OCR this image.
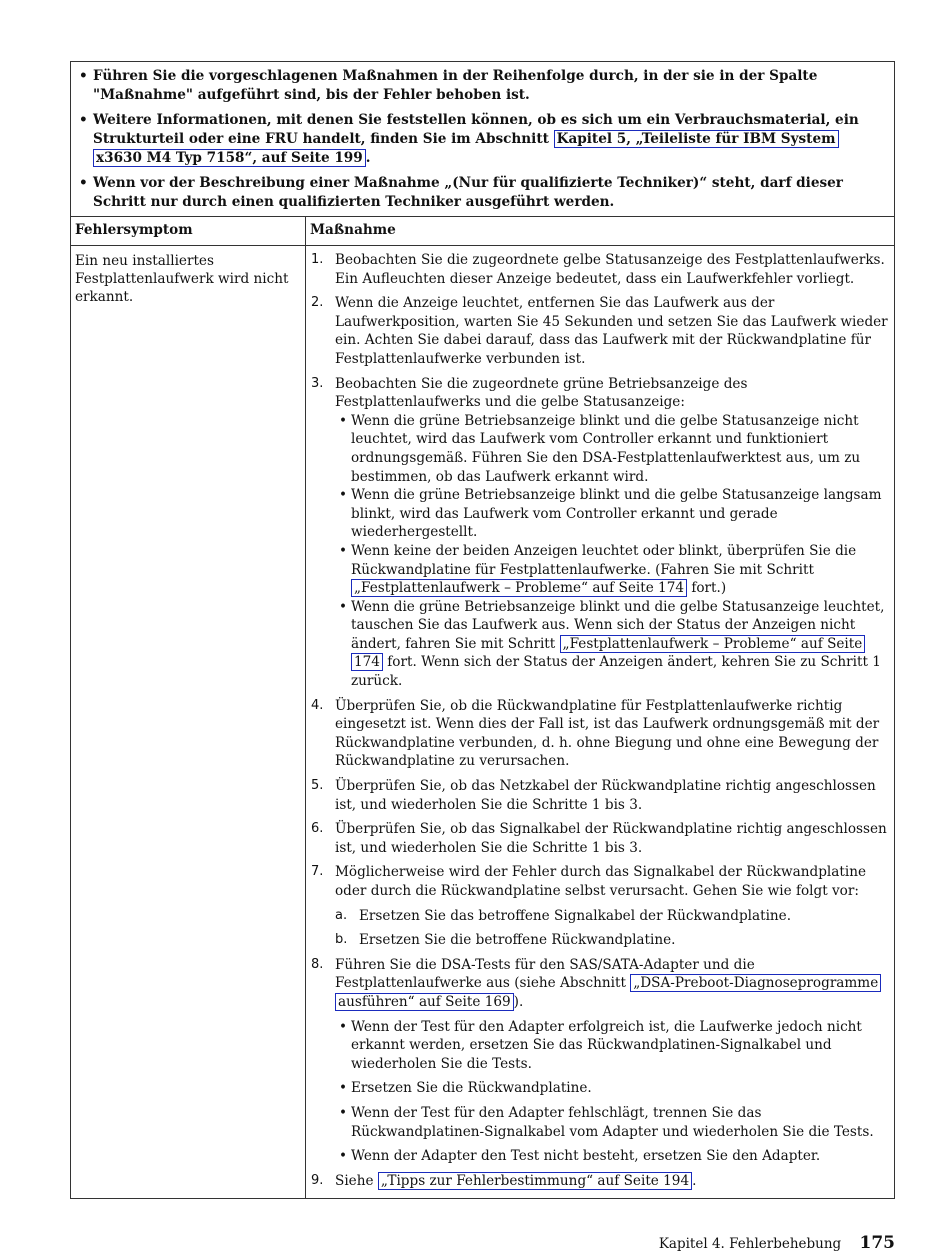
• Führen Sie die vorgeschlagenen Maßnahmen in der Reihenfolge durch, in der sie in der Spalte "Maßnahme" aufgeführt sind, bis der Fehler behoben ist.
• Weitere Informationen, mit denen Sie feststellen können, ob es sich um ein Verbrauchsmaterial, ein Strukturteil oder eine FRU handelt, finden Sie im Abschnitt Kapitel 5, „Teileliste für IBM System x3630 M4 Typ 7158“, auf Seite 199 .
• Wenn vor der Beschreibung einer Maßnahme „(Nur für qualifizierte Techniker)“ steht, darf dieser Schritt nur durch einen qualifizierten Techniker ausgeführt werden.
Fehlersymptom	Maßnahme
Ein neu installiertes Festplattenlaufwerk wird nicht erkannt.
1. Beobachten Sie die zugeordnete gelbe Statusanzeige des Festplattenlaufwerks. Ein Aufleuchten dieser Anzeige bedeutet, dass ein Laufwerkfehler vorliegt.
2. Wenn die Anzeige leuchtet, entfernen Sie das Laufwerk aus der Laufwerkposition, warten Sie 45 Sekunden und setzen Sie das Laufwerk wieder ein. Achten Sie dabei darauf, dass das Laufwerk mit der Rückwandplatine für Festplattenlaufwerke verbunden ist.
3. Beobachten Sie die zugeordnete grüne Betriebsanzeige des Festplattenlaufwerks und die gelbe Statusanzeige:
• Wenn die grüne Betriebsanzeige blinkt und die gelbe Statusanzeige nicht leuchtet, wird das Laufwerk vom Controller erkannt und funktioniert ordnungsgemäß. Führen Sie den DSA-Festplattenlaufwerktest aus, um zu bestimmen, ob das Laufwerk erkannt wird.
• Wenn die grüne Betriebsanzeige blinkt und die gelbe Statusanzeige langsam blinkt, wird das Laufwerk vom Controller erkannt und gerade wiederhergestellt.
• Wenn keine der beiden Anzeigen leuchtet oder blinkt, überprüfen Sie die Rückwandplatine für Festplattenlaufwerke. (Fahren Sie mit Schritt „Festplattenlaufwerk – Probleme“ auf Seite 174 fort.)
• Wenn die grüne Betriebsanzeige blinkt und die gelbe Statusanzeige leuchtet, tauschen Sie das Laufwerk aus. Wenn sich der Status der Anzeigen nicht ändert, fahren Sie mit Schritt „Festplattenlaufwerk – Probleme“ auf Seite 174 fort. Wenn sich der Status der Anzeigen ändert, kehren Sie zu Schritt 1 zurück.
4. Überprüfen Sie, ob die Rückwandplatine für Festplattenlaufwerke richtig eingesetzt ist. Wenn dies der Fall ist, ist das Laufwerk ordnungsgemäß mit der Rückwandplatine verbunden, d. h. ohne Biegung und ohne eine Bewegung der Rückwandplatine zu verursachen.
5. Überprüfen Sie, ob das Netzkabel der Rückwandplatine richtig angeschlossen ist, und wiederholen Sie die Schritte 1 bis 3.
6. Überprüfen Sie, ob das Signalkabel der Rückwandplatine richtig angeschlossen ist, und wiederholen Sie die Schritte 1 bis 3.
7. Möglicherweise wird der Fehler durch das Signalkabel der Rückwandplatine oder durch die Rückwandplatine selbst verursacht. Gehen Sie wie folgt vor:
a. Ersetzen Sie das betroffene Signalkabel der Rückwandplatine.
b. Ersetzen Sie die betroffene Rückwandplatine.
8. Führen Sie die DSA-Tests für den SAS/SATA-Adapter und die Festplattenlaufwerke aus (siehe Abschnitt „DSA-Preboot-Diagnoseprogramme ausführen“ auf Seite 169 ).
• Wenn der Test für den Adapter erfolgreich ist, die Laufwerke jedoch nicht erkannt werden, ersetzen Sie das Rückwandplatinen-Signalkabel und wiederholen Sie die Tests.
• Ersetzen Sie die Rückwandplatine.
• Wenn der Test für den Adapter fehlschlägt, trennen Sie das Rückwandplatinen-Signalkabel vom Adapter und wiederholen Sie die Tests.
• Wenn der Adapter den Test nicht besteht, ersetzen Sie den Adapter.
9. Siehe „Tipps zur Fehlerbestimmung“ auf Seite 194 .
Kapitel 4. Fehlerbehebung 175
